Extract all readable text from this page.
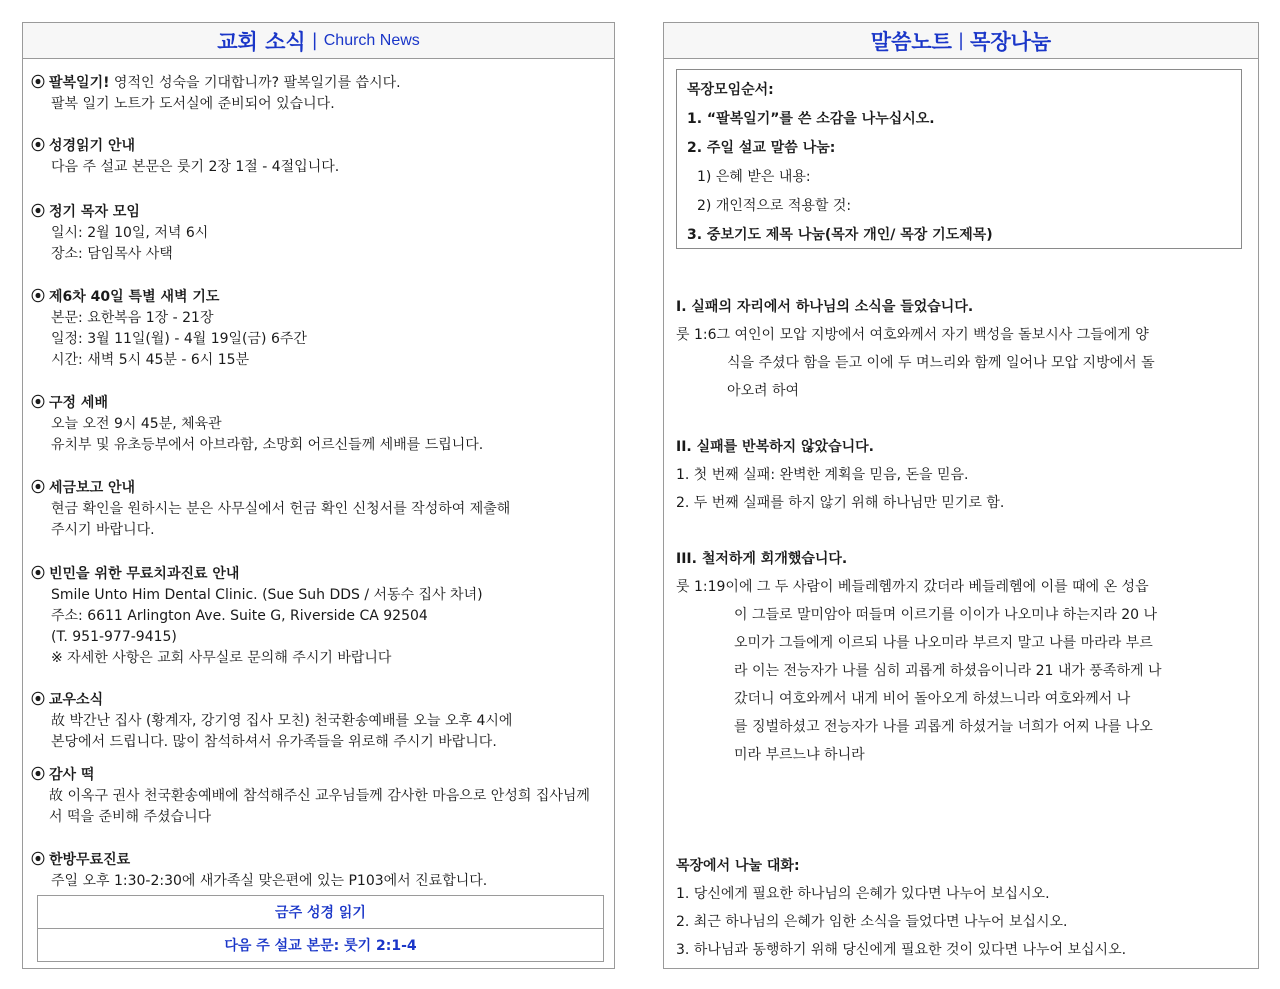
교회 소식 | Church News
⦿ 팔복일기! 영적인 성숙을 기대합니까? 팔복일기를 씁시다.
팔복 일기 노트가 도서실에 준비되어 있습니다.
⦿ 성경읽기 안내
다음 주 설교 본문은 룻기 2장 1절 - 4절입니다.
⦿ 정기 목자 모임
일시: 2월 10일, 저녁 6시
장소: 담임목사 사택
⦿ 제6차 40일 특별 새벽 기도
본문: 요한복음 1장 - 21장
일정: 3월 11일(월) - 4월 19일(금) 6주간
시간: 새벽 5시 45분 - 6시 15분
⦿ 구정 세배
오늘 오전 9시 45분, 체육관
유치부 및 유초등부에서 아브라함, 소망회 어르신들께 세배를 드립니다.
⦿ 세금보고 안내
현금 확인을 원하시는 분은 사무실에서 헌금 확인 신청서를 작성하여 제출해
주시기 바랍니다.
⦿ 빈민을 위한 무료치과진료 안내
Smile Unto Him Dental Clinic. (Sue Suh DDS / 서동수 집사 차녀)
주소: 6611 Arlington Ave. Suite G, Riverside CA 92504
(T. 951-977-9415)
※ 자세한 사항은 교회 사무실로 문의해 주시기 바랍니다
⦿ 교우소식
故 박간난 집사 (황계자, 강기영 집사 모친) 천국환송예배를 오늘 오후 4시에
본당에서 드립니다. 많이 참석하셔서 유가족들을 위로해 주시기 바랍니다.
⦿ 감사 떡
故 이옥구 권사 천국환송예배에 참석해주신 교우님들께 감사한 마음으로 안성희 집사님께
서 떡을 준비해 주셨습니다
⦿ 한방무료진료
주일 오후 1:30-2:30에 새가족실 맞은편에 있는 P103에서 진료합니다.
금주 성경 읽기
다음 주 설교 본문: 룻기 2:1-4
말씀노트 | 목장나눔
목장모임순서:
1. “팔복일기”를 쓴 소감을 나누십시오.
2. 주일 설교 말씀 나눔:
1) 은혜 받은 내용:
2) 개인적으로 적용할 것:
3. 중보기도 제목 나눔(목자 개인/ 목장 기도제목)
I. 실패의 자리에서 하나님의 소식을 들었습니다.
룻 1:6 그 여인이 모압 지방에서 여호와께서 자기 백성을 돌보시사 그들에게 양
식을 주셨다 함을 듣고 이에 두 며느리와 함께 일어나 모압 지방에서 돌
아오려 하여
II. 실패를 반복하지 않았습니다.
1. 첫 번째 실패: 완벽한 계획을 믿음, 돈을 믿음.
2. 두 번째 실패를 하지 않기 위해 하나님만 믿기로 함.
III. 철저하게 회개했습니다.
룻 1:19 이에 그 두 사람이 베들레헴까지 갔더라 베들레헴에 이를 때에 온 성읍
이 그들로 말미암아 떠들며 이르기를 이이가 나오미냐 하는지라 20 나
오미가 그들에게 이르되 나를 나오미라 부르지 말고 나를 마라라 부르
라 이는 전능자가 나를 심히 괴롭게 하셨음이니라 21 내가 풍족하게 나
갔더니 여호와께서 내게 비어 돌아오게 하셨느니라 여호와께서 나
를 징벌하셨고 전능자가 나를 괴롭게 하셨거늘 너희가 어찌 나를 나오
미라 부르느냐 하니라
목장에서 나눌 대화:
1. 당신에게 필요한 하나님의 은혜가 있다면 나누어 보십시오.
2. 최근 하나님의 은혜가 임한 소식을 들었다면 나누어 보십시오.
3. 하나님과 동행하기 위해 당신에게 필요한 것이 있다면 나누어 보십시오.
